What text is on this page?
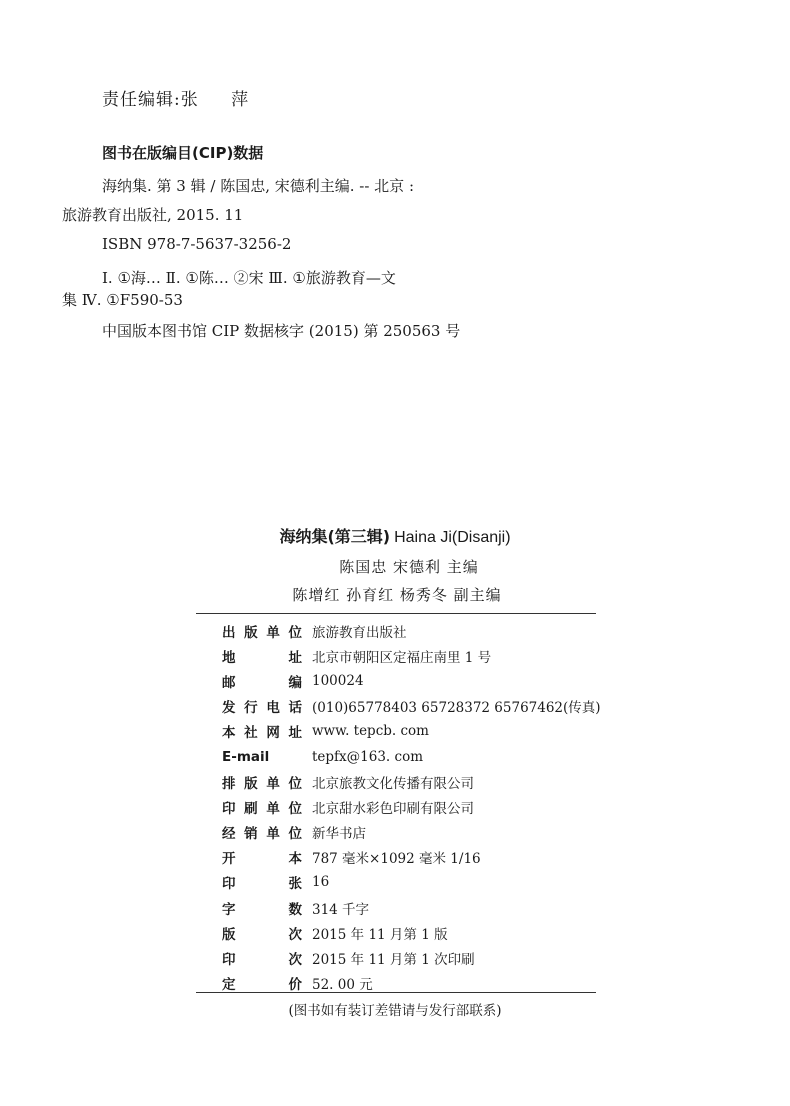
责任编辑:张 萍
图书在版编目(CIP)数据
海纳集. 第 3 辑 / 陈国忠, 宋德利主编. -- 北京 :
旅游教育出版社, 2015. 11
ISBN 978-7-5637-3256-2
Ⅰ. ①海… Ⅱ. ①陈… ②宋 Ⅲ. ①旅游教育—文
集 Ⅳ. ①F590-53
中国版本图书馆 CIP 数据核字 (2015) 第 250563 号
海纳集(第三辑) Haina Ji(Disanji)
陈国忠 宋德利 主编
陈增红 孙育红 杨秀冬 副主编
出版单位 旅游教育出版社
地址 北京市朝阳区定福庄南里 1 号
邮编 100024
发行电话 (010)65778403 65728372 65767462(传真)
本社网址 www. tepcb. com
E-mail	tepfx@163. com
排版单位 北京旅教文化传播有限公司
印刷单位 北京甜水彩色印刷有限公司
经销单位 新华书店
开本 787 毫米×1092 毫米 1/16
印张 16
字数 314 千字
版次 2015 年 11 月第 1 版
印次 2015 年 11 月第 1 次印刷
定价 52. 00 元
(图书如有装订差错请与发行部联系)
